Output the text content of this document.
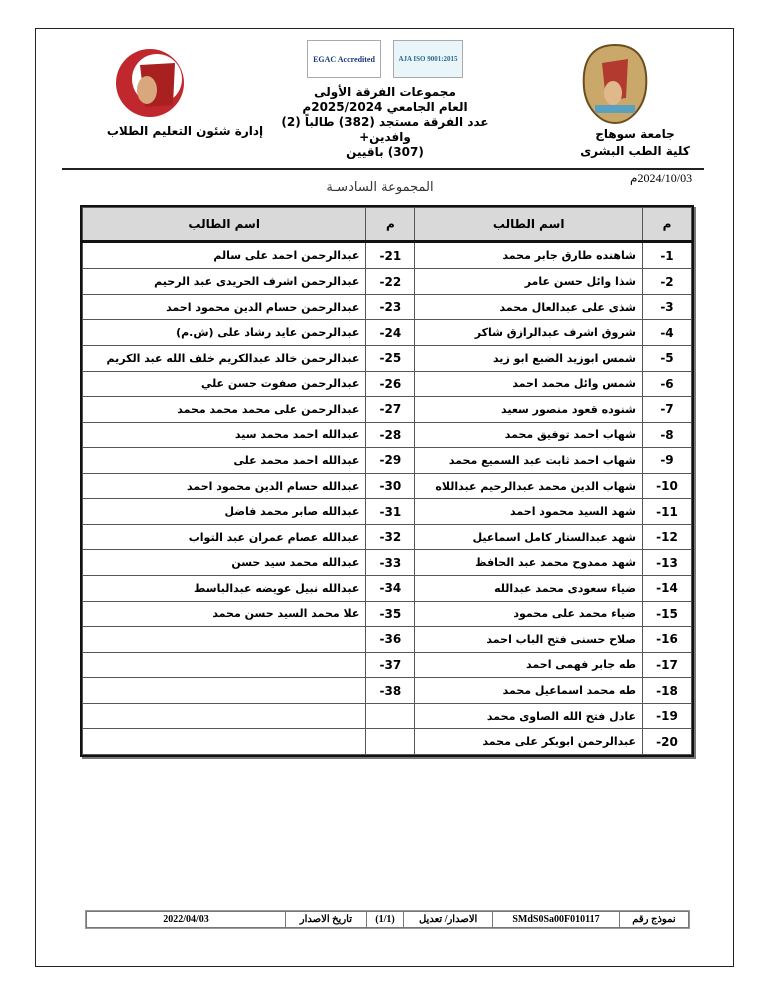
EGAC Accredited	AJA ISO 9001:2015
مجموعات الفرقة الأولى
العام الجامعي 2025/2024م
عدد الفرقة مستجد (382) طالباً (2) وافدين+
(307) باقيين
جامعة سوهاج
كلية الطب البشرى
إدارة شئون التعليم الطلاب
2024/10/03م
المجموعة السادسـة
م	اسم الطالب	م	اسم الطالب
-1	شاهنده طارق جابر محمد	-21	عبدالرحمن احمد على سالم
-2	شذا وائل حسن عامر	-22	عبدالرحمن اشرف الحريدى عبد الرحيم
-3	شذى على عبدالعال محمد	-23	عبدالرحمن حسام الدين محمود احمد
-4	شروق اشرف عبدالرازق شاكر	-24	عبدالرحمن عايد رشاد على (ش.م)
-5	شمس ابوزيد الضبع ابو زيد	-25	عبدالرحمن خالد عبدالكريم خلف الله عبد الكريم
-6	شمس وائل محمد احمد	-26	عبدالرحمن صفوت حسن علي
-7	شنوده قعود منصور سعيد	-27	عبدالرحمن على محمد محمد محمد
-8	شهاب احمد توفيق محمد	-28	عبدالله احمد محمد سيد
-9	شهاب احمد ثابت عبد السميع محمد	-29	عبدالله احمد محمد على
-10	شهاب الدين محمد عبدالرحيم عبداللاه	-30	عبدالله حسام الدين محمود احمد
-11	شهد السيد محمود احمد	-31	عبدالله صابر محمد فاضل
-12	شهد عبدالستار كامل اسماعيل	-32	عبدالله عصام عمران عبد التواب
-13	شهد ممدوح محمد عبد الحافظ	-33	عبدالله محمد سيد حسن
-14	ضياء سعودى محمد عبدالله	-34	عبدالله نبيل عويضه عبدالباسط
-15	ضياء محمد على محمود	-35	علا محمد السيد حسن محمد
-16	صلاح حسنى فتح الباب احمد	-36	
-17	طه جابر فهمى احمد	-37	
-18	طه محمد اسماعيل محمد	-38	
-19	عادل فتح الله الصاوى محمد		
-20	عبدالرحمن ابوبكر على محمد		
نموذج رقم	SMdS0Sa00F010117	الاصدار/ تعديل	(1/1)	تاريخ الاصدار	2022/04/03
